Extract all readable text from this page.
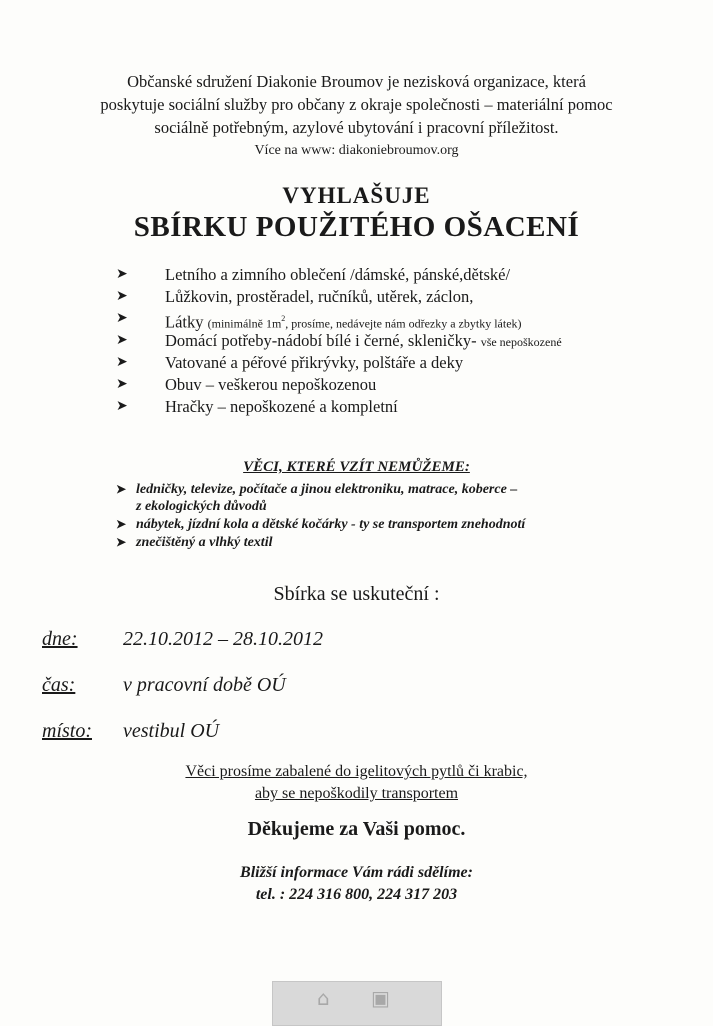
Občanské sdružení Diakonie Broumov je nezisková organizace, která
poskytuje sociální služby pro občany z okraje společnosti – materiální pomoc
sociálně potřebným, azylové ubytování i pracovní příležitost.
Více na www: diakoniebroumov.org
VYHLAŠUJE
SBÍRKU POUŽITÉHO OŠACENÍ
➤ Letního a zimního oblečení /dámské, pánské,dětské/
➤ Lůžkovin, prostěradel, ručníků, utěrek, záclon,
➤ Látky (minimálně $1m^2$, prosíme, nedávejte nám odřezky a zbytky látek)
➤ Domácí potřeby-nádobí bílé i černé, skleničky- vše nepoškozené
➤ Vatované a péřové přikrývky, polštáře a deky
➤ Obuv – veškerou nepoškozenou
➤ Hračky – nepoškozené a kompletní
VĚCI, KTERÉ VZÍT NEMŮŽEME:
➤ ledničky, televize, počítače a jinou elektroniku, matrace, koberce –
z ekologických důvodů
➤ nábytek, jízdní kola a dětské kočárky - ty se transportem znehodnotí
➤ znečištěný a vlhký textil
Sbírka se uskuteční :
dne: 22.10.2012 – 28.10.2012
čas: v pracovní době OÚ
místo: vestibul OÚ
Věci prosíme zabalené do igelitových pytlů či krabic,
aby se nepoškodily transportem
Děkujeme za Vaši pomoc.
Bližší informace Vám rádi sdělíme:
tel. : 224 316 800, 224 317 203
⌂ ▣
